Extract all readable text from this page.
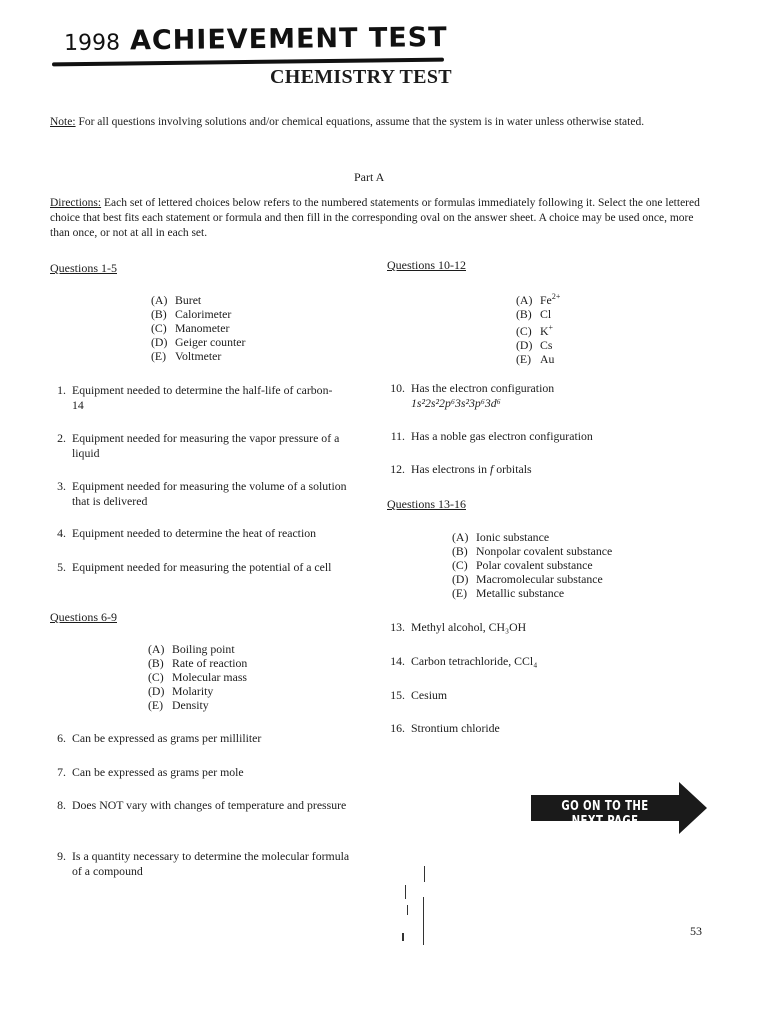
1998 ACHIEVEMENT TEST
CHEMISTRY TEST
Note: For all questions involving solutions and/or chemical equations, assume that the system is in water unless otherwise stated.
Part A
Directions: Each set of lettered choices below refers to the numbered statements or formulas immediately following it. Select the one lettered choice that best fits each statement or formula and then fill in the corresponding oval on the answer sheet. A choice may be used once, more than once, or not at all in each set.
Questions 1-5
(A) Buret
(B) Calorimeter
(C) Manometer
(D) Geiger counter
(E) Voltmeter
1. Equipment needed to determine the half-life of carbon-14
2. Equipment needed for measuring the vapor pressure of a liquid
3. Equipment needed for measuring the volume of a solution that is delivered
4. Equipment needed to determine the heat of reaction
5. Equipment needed for measuring the potential of a cell
Questions 6-9
(A) Boiling point
(B) Rate of reaction
(C) Molecular mass
(D) Molarity
(E) Density
6. Can be expressed as grams per milliliter
7. Can be expressed as grams per mole
8. Does NOT vary with changes of temperature and pressure
9. Is a quantity necessary to determine the molecular formula of a compound
Questions 10-12
(A) $Fe^{2+}$
(B) Cl
(C) K+
(D) Cs
(E) Au
10. Has the electron configuration
1s²2s²2p⁶3s²3p⁶3d⁶
11. Has a noble gas electron configuration
12. Has electrons in f orbitals
Questions 13-16
(A) Ionic substance
(B) Nonpolar covalent substance
(C) Polar covalent substance
(D) Macromolecular substance
(E) Metallic substance
13. Methyl alcohol, CH₃OH
14. Carbon tetrachloride, CCl₄
15. Cesium
16. Strontium chloride
GO ON TO THE NEXT PAGE
53
